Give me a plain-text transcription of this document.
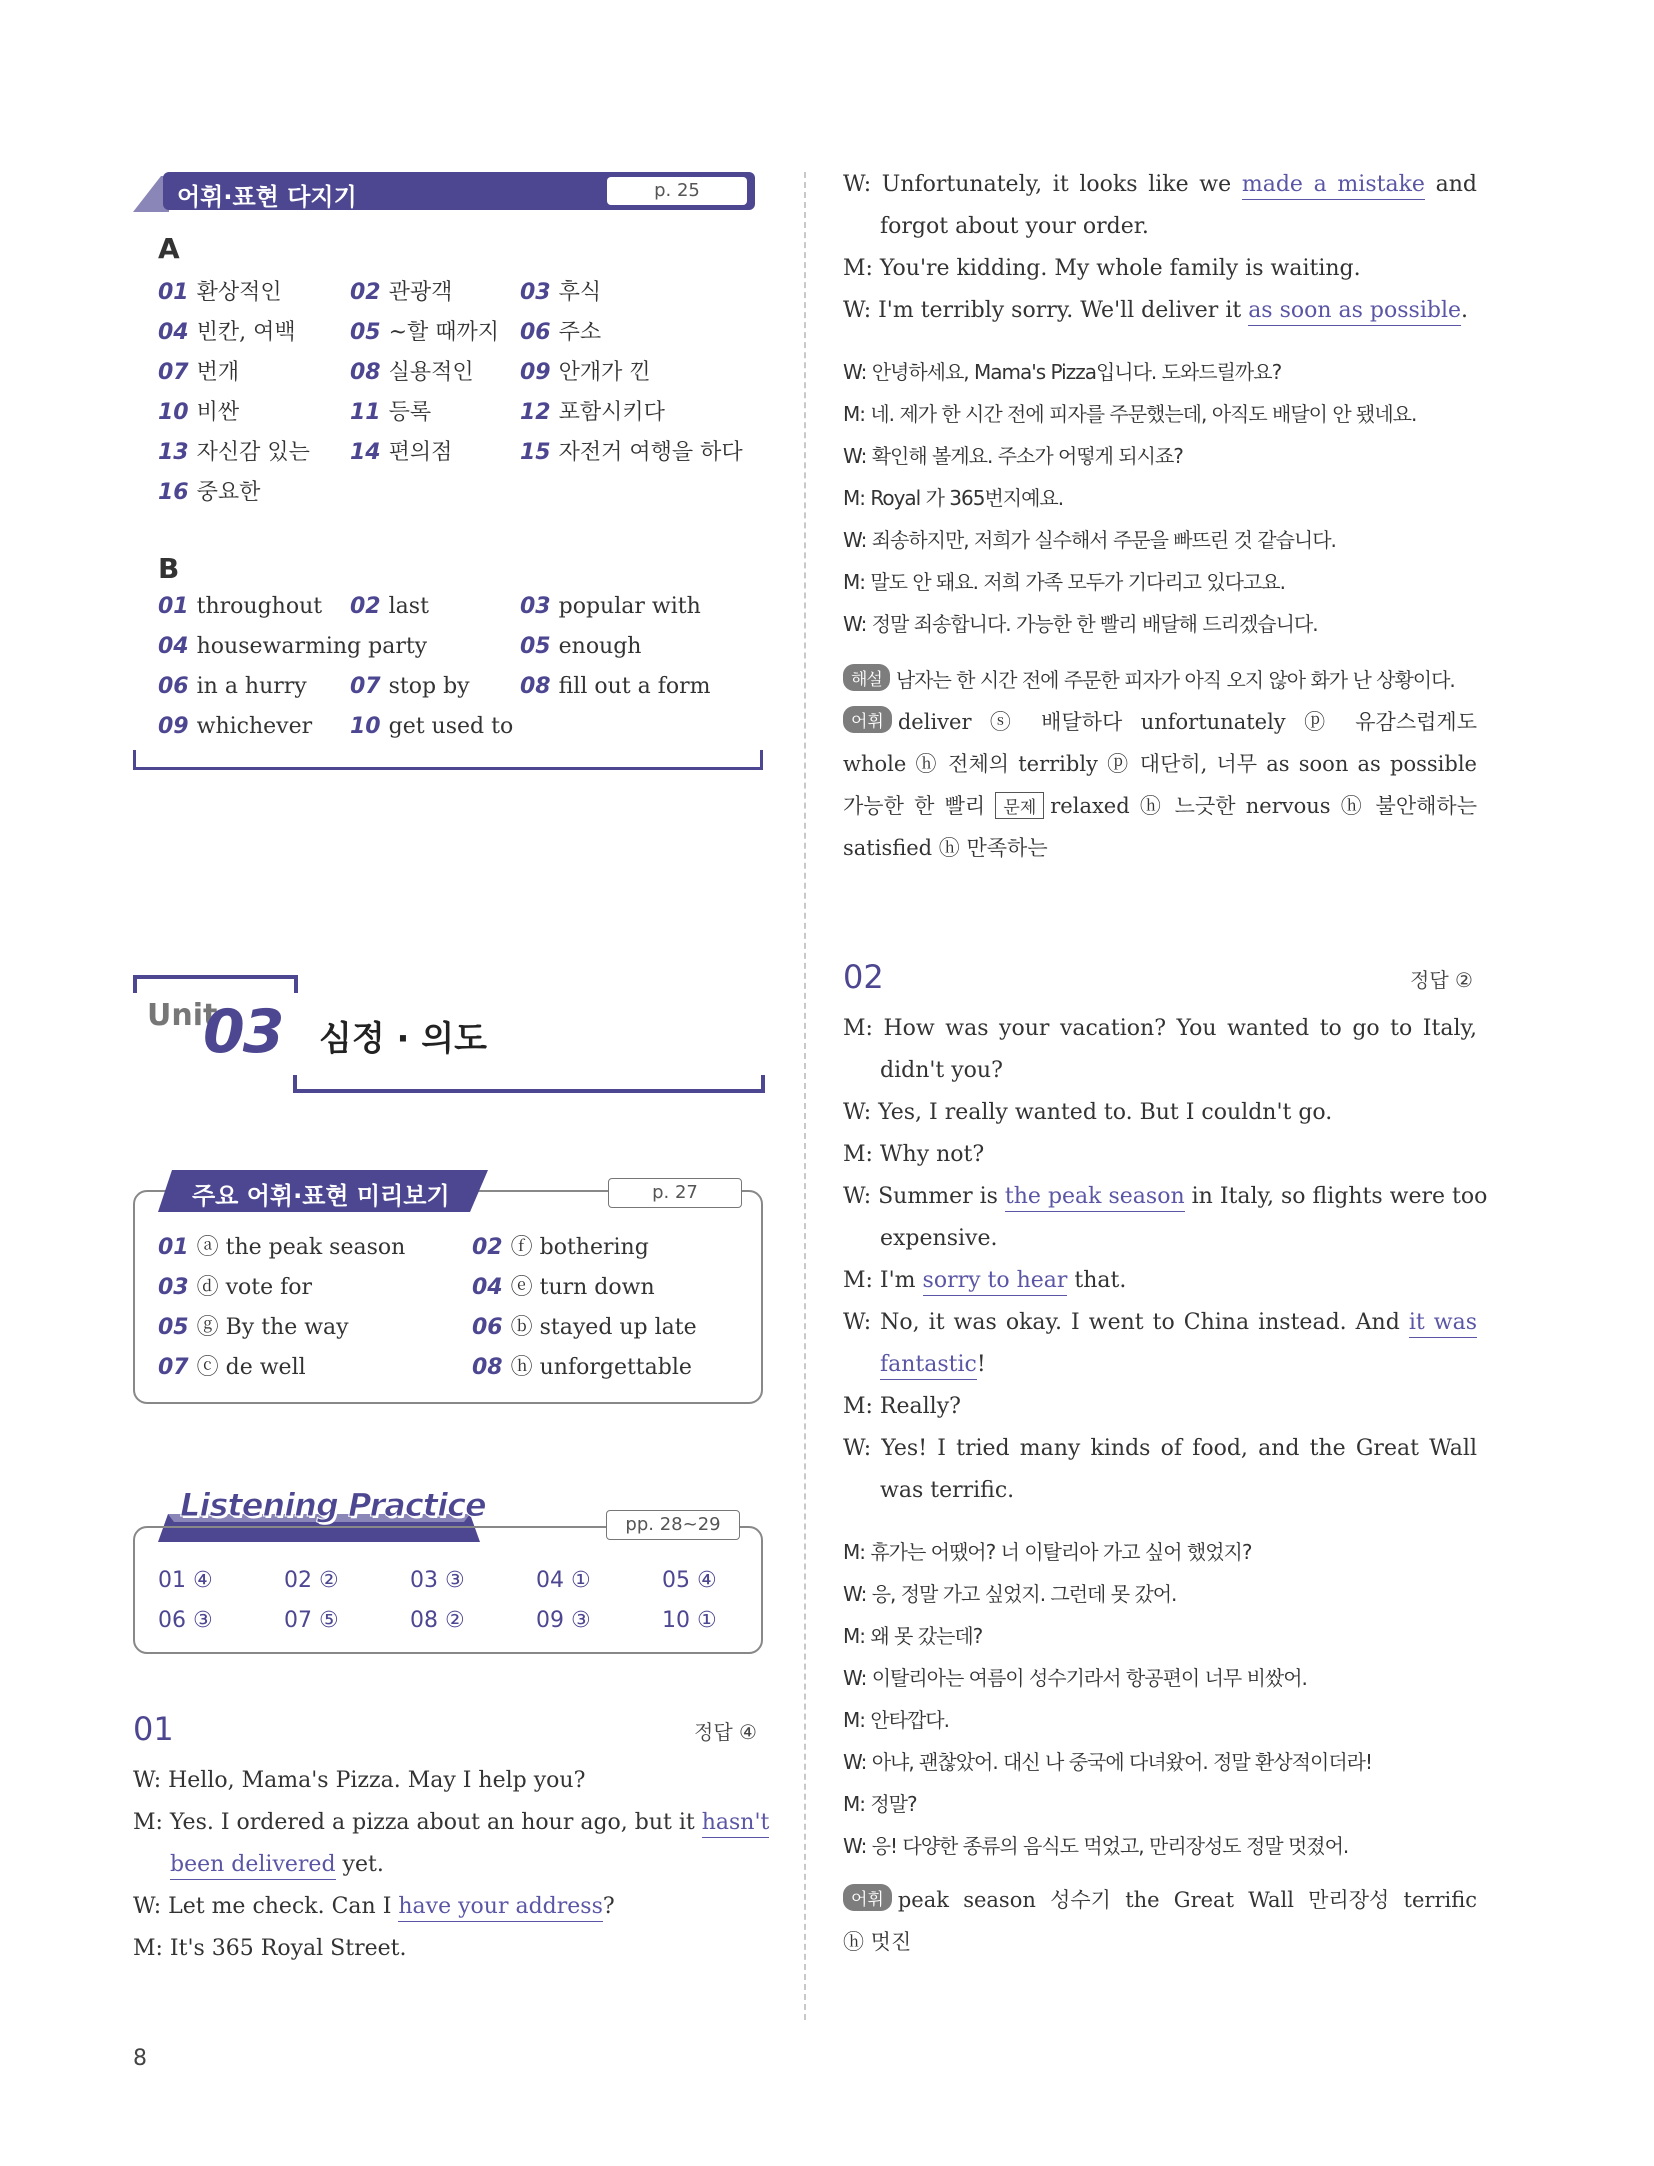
어휘·표현 다지기	p. 25
A
01 환상적인	02 관광객	03 후식
04 빈칸, 여백 05 ~할 때까지 06 주소
07 번개	08 실용적인 09 안개가 낀
10 비싼	11 등록	12 포함시키다
13 자신감 있는 14 편의점	15 자전거 여행을 하다
16 중요한
B
01 throughout 02 last	03 popular with
04 housewarming party	05 enough
06 in a hurry 07 stop by 08 fill out a form
09 whichever 10 get used to
Unit
03 심정 · 의도
주요 어휘·표현 미리보기	p. 27
01 ⓐ the peak season	02 ⓕ bothering
03 ⓓ vote for	04 ⓔ turn down
05 ⓖ By the way	06 ⓑ stayed up late
07 ⓒ de well	08 ⓗ unforgettable
Listening Practice
pp. 28~29
01 ④	02 ②	03 ③	04 ①	05 ④
06 ③	07 ⑤	08 ②	09 ③	10 ①
01	정답 ④
W: Hello, Mama's Pizza. May I help you?
M: Yes. I ordered a pizza about an hour ago, but it hasn't
been delivered yet.
W: Let me check. Can I have your address?
M: It's 365 Royal Street.
8
W: Unfortunately, it looks like we made a mistake and
forgot about your order.
M: You're kidding. My whole family is waiting.
W: I'm terribly sorry. We'll deliver it as soon as possible.
W: 안녕하세요, Mama's Pizza입니다. 도와드릴까요?
M: 네. 제가 한 시간 전에 피자를 주문했는데, 아직도 배달이 안 됐네요.
W: 확인해 볼게요. 주소가 어떻게 되시죠?
M: Royal 가 365번지예요.
W: 죄송하지만, 저희가 실수해서 주문을 빠뜨린 것 같습니다.
M: 말도 안 돼요. 저희 가족 모두가 기다리고 있다고요.
W: 정말 죄송합니다. 가능한 한 빨리 배달해 드리겠습니다.
해설 남자는 한 시간 전에 주문한 피자가 아직 오지 않아 화가 난 상황이다.
어휘 deliver ⓢ 배달하다 unfortunately ⓟ 유감스럽게도
whole ⓗ 전체의 terribly ⓟ 대단히, 너무 as soon as possible
가능한 한 빨리 문제 relaxed ⓗ 느긋한 nervous ⓗ 불안해하는
satisfied ⓗ 만족하는
02	정답 ②
M: How was your vacation? You wanted to go to Italy,
didn't you?
W: Yes, I really wanted to. But I couldn't go.
M: Why not?
W: Summer is the peak season in Italy, so flights were too
expensive.
M: I'm sorry to hear that.
W: No, it was okay. I went to China instead. And it was
fantastic!
M: Really?
W: Yes! I tried many kinds of food, and the Great Wall
was terrific.
M: 휴가는 어땠어? 너 이탈리아 가고 싶어 했었지?
W: 응, 정말 가고 싶었지. 그런데 못 갔어.
M: 왜 못 갔는데?
W: 이탈리아는 여름이 성수기라서 항공편이 너무 비쌌어.
M: 안타깝다.
W: 아냐, 괜찮았어. 대신 나 중국에 다녀왔어. 정말 환상적이더라!
M: 정말?
W: 응! 다양한 종류의 음식도 먹었고, 만리장성도 정말 멋졌어.
어휘 peak season 성수기 the Great Wall 만리장성 terrific
ⓗ 멋진
